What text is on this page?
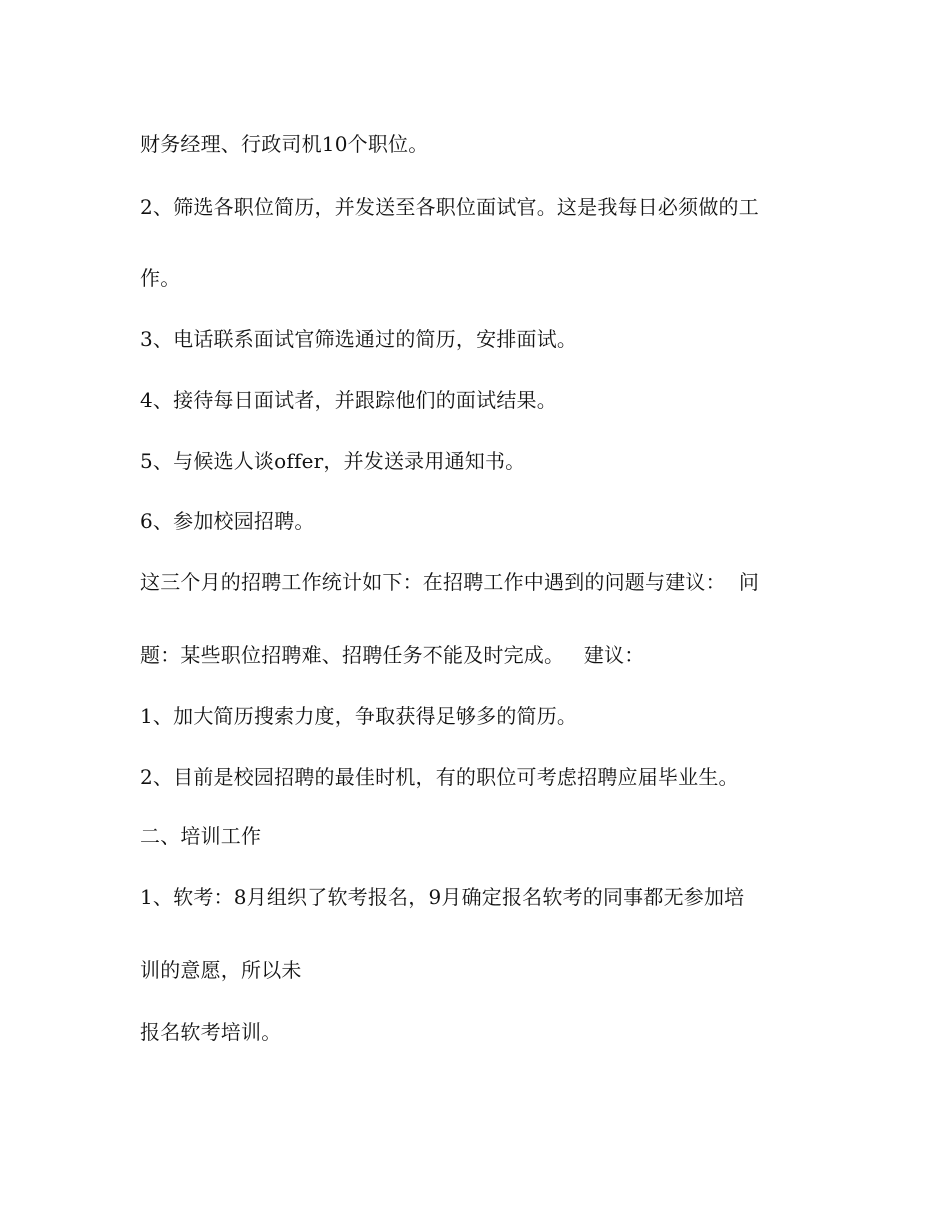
财务经理、行政司机10个职位。
2、筛选各职位简历，并发送至各职位面试官。这是我每日必须做的工
作。
3、电话联系面试官筛选通过的简历，安排面试。
4、接待每日面试者，并跟踪他们的面试结果。
5、与候选人谈offer，并发送录用通知书。
6、参加校园招聘。
这三个月的招聘工作统计如下：在招聘工作中遇到的问题与建议：  问
题：某些职位招聘难、招聘任务不能及时完成。   建议：
1、加大简历搜索力度，争取获得足够多的简历。
2、目前是校园招聘的最佳时机，有的职位可考虑招聘应届毕业生。
二、培训工作
1、软考：8月组织了软考报名，9月确定报名软考的同事都无参加培
训的意愿，所以未
报名软考培训。
